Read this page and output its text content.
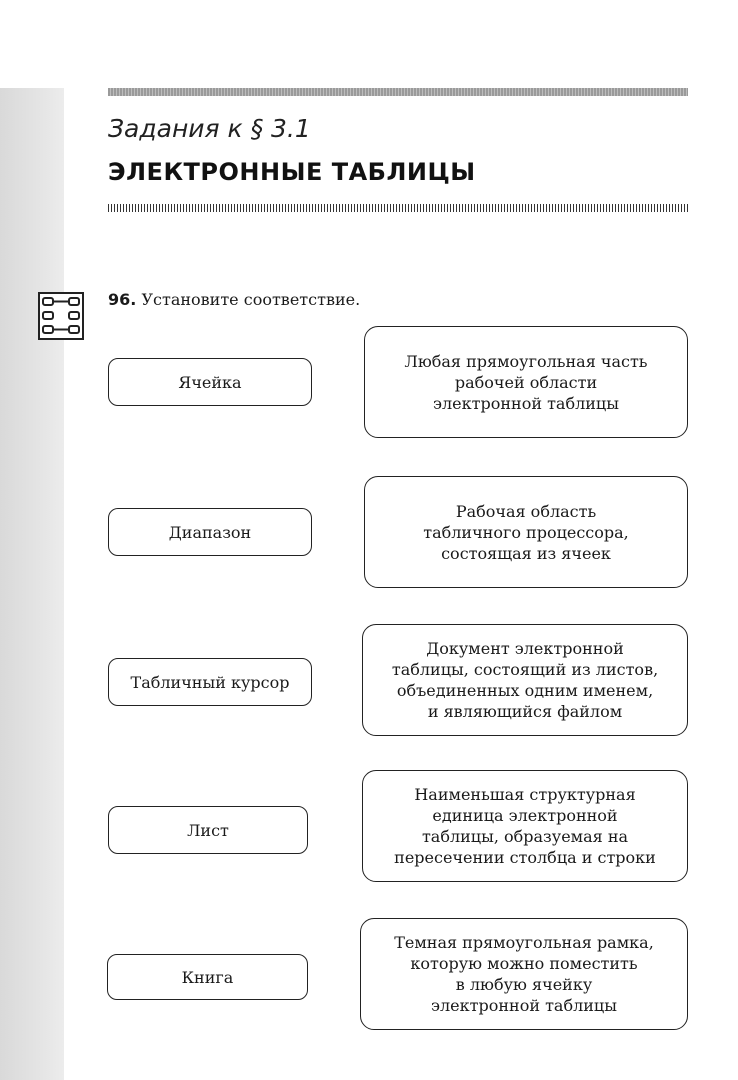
Задания к § 3.1
ЭЛЕКТРОННЫЕ ТАБЛИЦЫ
96. Установите соответствие.
Ячейка
Диапазон
Табличный курсор
Лист
Книга
Любая прямоугольная часть
рабочей области
электронной таблицы
Рабочая область
табличного процессора,
состоящая из ячеек
Документ электронной
таблицы, состоящий из листов,
объединенных одним именем,
и являющийся файлом
Наименьшая структурная
единица электронной
таблицы, образуемая на
пересечении столбца и строки
Темная прямоугольная рамка,
которую можно поместить
в любую ячейку
электронной таблицы
